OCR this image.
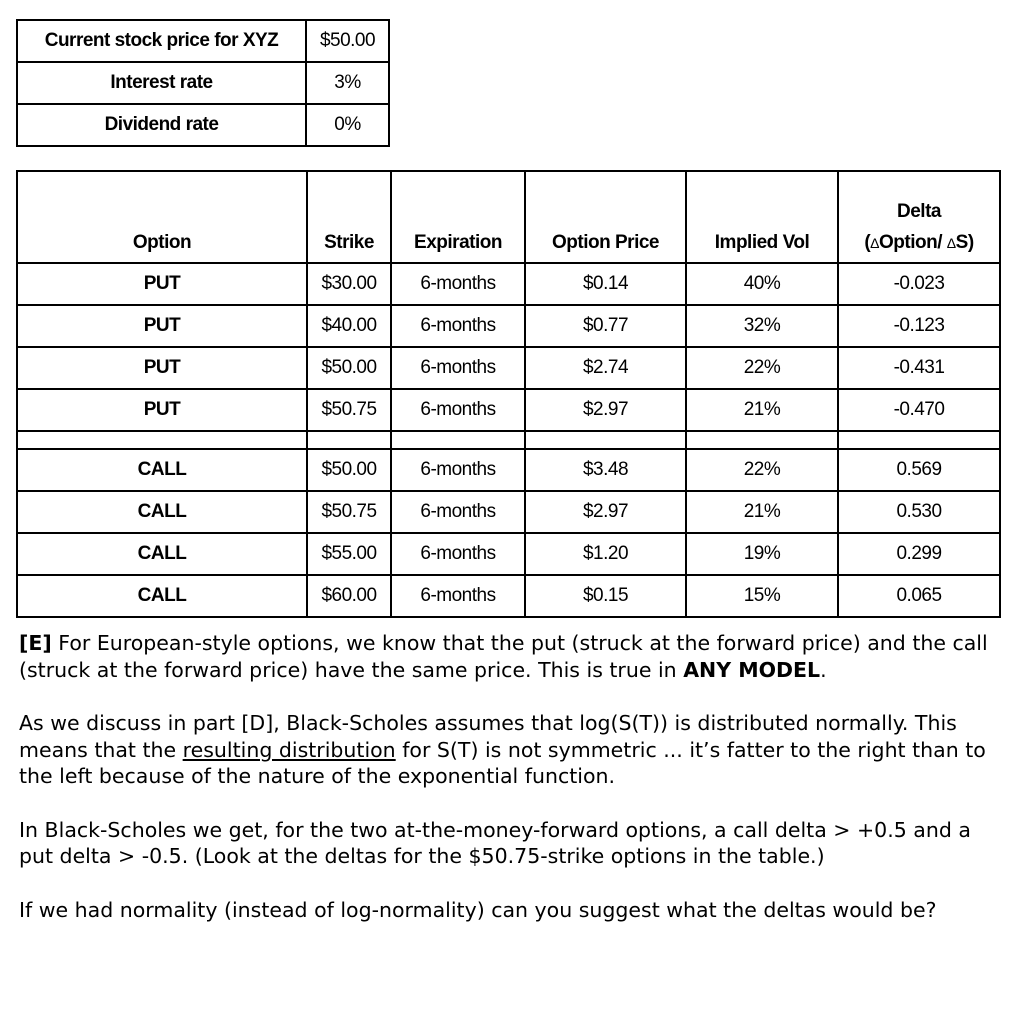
Current stock price for XYZ	$50.00
Interest rate	3%
Dividend rate	0%
Option	Strike	Expiration	Option Price	Implied Vol	Delta
(ΔOption/ ΔS)
PUT	$30.00	6-months	$0.14	40%	-0.023
PUT	$40.00	6-months	$0.77	32%	-0.123
PUT	$50.00	6-months	$2.74	22%	-0.431
PUT	$50.75	6-months	$2.97	21%	-0.470

CALL	$50.00	6-months	$3.48	22%	0.569
CALL	$50.75	6-months	$2.97	21%	0.530
CALL	$55.00	6-months	$1.20	19%	0.299
CALL	$60.00	6-months	$0.15	15%	0.065

[E] For European-style options, we know that the put (struck at the forward price) and the call (struck at the forward price) have the same price. This is true in ANY MODEL.

As we discuss in part [D], Black-Scholes assumes that log(S(T)) is distributed normally. This means that the resulting distribution for S(T) is not symmetric ... it’s fatter to the right than to the left because of the nature of the exponential function.

In Black-Scholes we get, for the two at-the-money-forward options, a call delta > +0.5 and a put delta > -0.5. (Look at the deltas for the $50.75-strike options in the table.)

If we had normality (instead of log-normality) can you suggest what the deltas would be?
